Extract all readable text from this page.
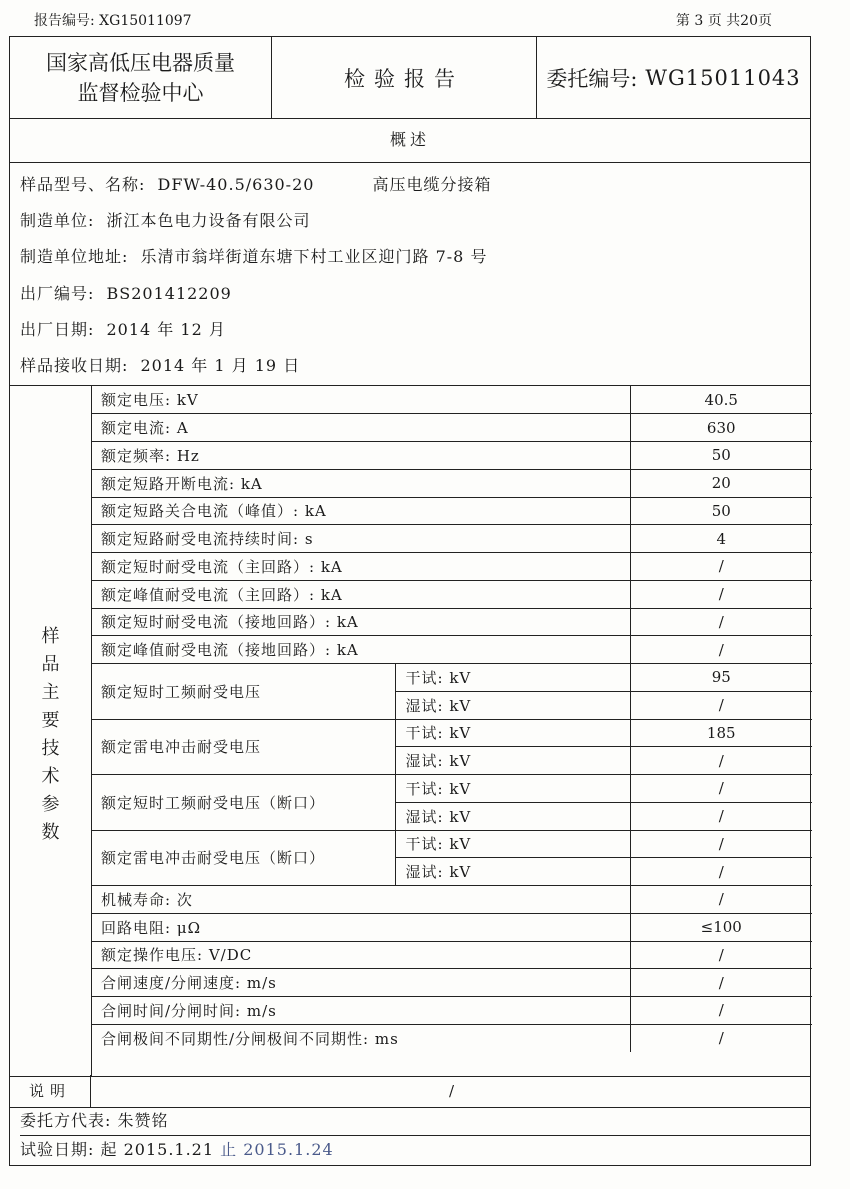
报告编号: XG15011097	第 3 页 共20页
国家高低压电器质量
监督检验中心
检验报告	委托编号: WG15011043
概述
样品型号、名称: DFW-40.5/630-20	高压电缆分接箱
制造单位: 浙江本色电力设备有限公司
制造单位地址: 乐清市翁垟街道东塘下村工业区迎门路 7-8 号
出厂编号: BS201412209
出厂日期: 2014 年 12 月
样品接收日期: 2014 年 1 月 19 日
样
品
主
要
技
术
参
数
额定电压: kV		40.5
额定电流: A		630
额定频率: Hz		50
额定短路开断电流: kA		20
额定短路关合电流（峰值）: kA		50
额定短路耐受电流持续时间: s		4
额定短时耐受电流（主回路）: kA		/
额定峰值耐受电流（主回路）: kA		/
额定短时耐受电流（接地回路）: kA		/
额定峰值耐受电流（接地回路）: kA		/
额定短时工频耐受电压	干试: kV	95
	湿试: kV	/
额定雷电冲击耐受电压	干试: kV	185
	湿试: kV	/
额定短时工频耐受电压（断口）	干试: kV	/
	湿试: kV	/
额定雷电冲击耐受电压（断口）	干试: kV	/
	湿试: kV	/
机械寿命: 次		/
回路电阻: μΩ		≤100
额定操作电压: V/DC		/
合闸速度/分闸速度: m/s		/
合闸时间/分闸时间: m/s		/
合闸极间不同期性/分闸极间不同期性: ms		/
说明	/
委托方代表: 朱赞铭
试验日期: 起 2015.1.21 止 2015.1.24
